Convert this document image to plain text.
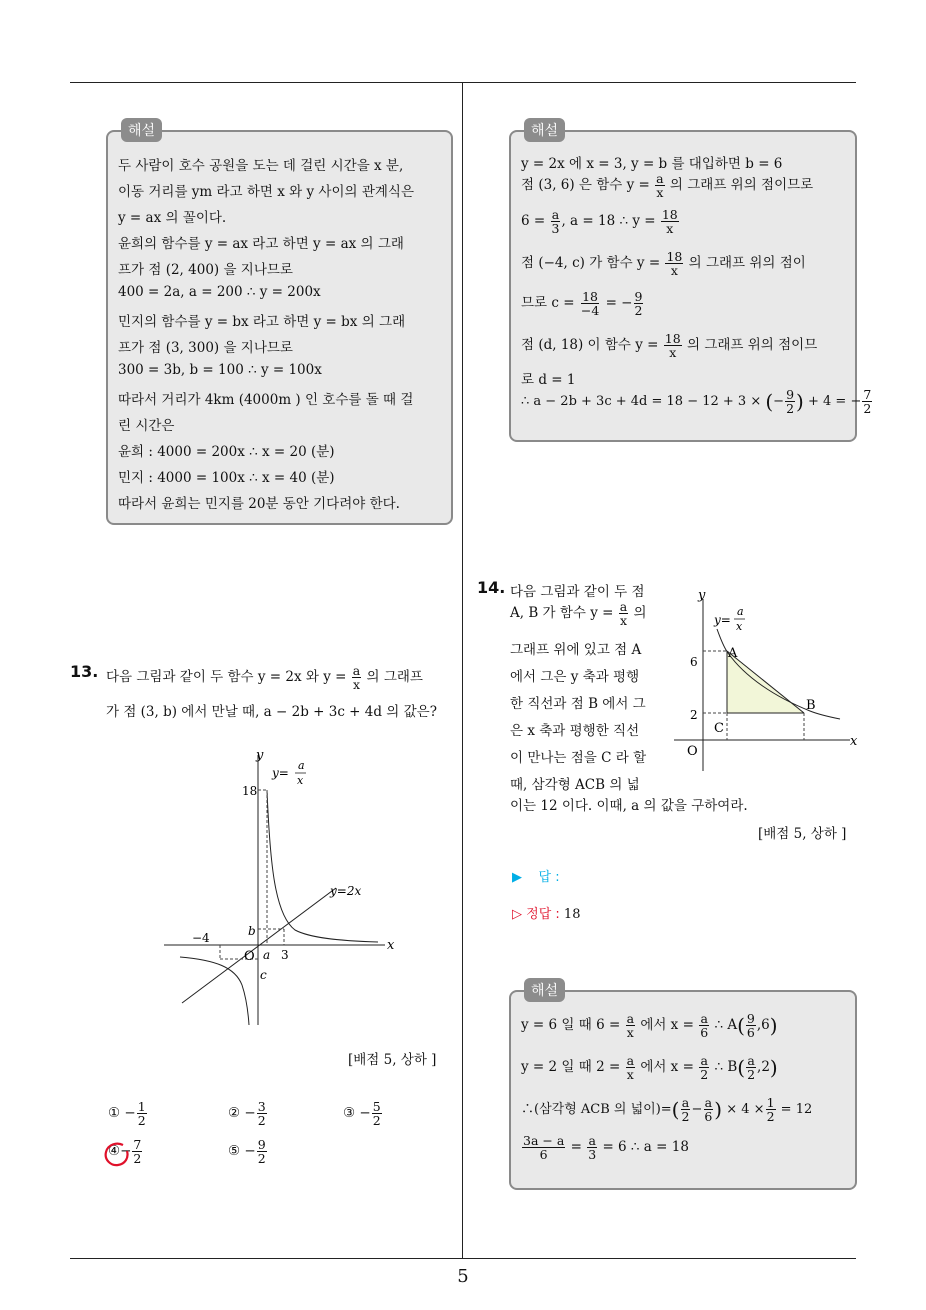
5
두 사람이 호수 공원을 도는 데 걸린 시간을 x 분,
이동 거리를 ym 라고 하면 x 와 y 사이의 관계식은
y = ax 의 꼴이다.
윤희의 함수를 y = ax 라고 하면 y = ax 의 그래
프가 점 (2, 400) 을 지나므로
400 = 2a, a = 200 ∴ y = 200x
민지의 함수를 y = bx 라고 하면 y = bx 의 그래
프가 점 (3, 300) 을 지나므로
300 = 3b, b = 100 ∴ y = 100x
따라서 거리가 4km (4000m ) 인 호수를 돌 때 걸
린 시간은
윤희 : 4000 = 200x ∴ x = 20 (분)
민지 : 4000 = 100x ∴ x = 40 (분)
따라서 윤희는 민지를 20분 동안 기다려야 한다.
해설
13. 다음 그림과 같이 두 함수 y = 2x 와 $y = \frac{a}{x}$ 의 그래프
가 점 (3, b) 에서 만날 때, a − 2b + 3c + 4d 의 값은?
y
x
O
y=
a
x
y=2x
18
b
−4
a 3
c
[배점 5, 상하 ]
① − $\frac{1}{2}$	② − $\frac{3}{2}$	③ − $\frac{5}{2}$
④− $\frac{7}{2}$	⑤ − $\frac{9}{2}$
y = 2x 에 x = 3, y = b 를 대입하면 b = 6
점 (3, 6) 은 함수 $y = \frac{a}{x}$ 의 그래프 위의 점이므로
$6 = \frac{a}{3}$ , a = 18 ∴ $y = \frac{18}{x}$
점 (−4, c) 가 함수 $y = \frac{18}{x}$ 의 그래프 위의 점이
므로 $c = \frac{18}{-4}$ = − $\frac{9}{2}$
점 (d, 18) 이 함수 $y = \frac{18}{x}$ 의 그래프 위의 점이므
로 d = 1
∴ a − 2b + 3c + 4d = 18 − 12 + 3 × (− $\frac{9}{2}$ ) + 4 = − $\frac{7}{2}$
해설
14. 다음 그림과 같이 두 점
A, B 가 함수 $y = \frac{a}{x}$ 의
그래프 위에 있고 점 A
에서 그은 y 축과 평행
한 직선과 점 B 에서 그
은 x 축과 평행한 직선
이 만나는 점을 C 라 할
때, 삼각형 ACB 의 넓
이는 12 이다. 이때, a 의 값을 구하여라.
y
x
O
y=
a
x
6
2
A
B
C
[배점 5, 상하 ]
▶ 답 :
▷ 정답 : 18
y = 6 일 때 $6 = \frac{a}{x}$ 에서 $x = \frac{a}{6}$ ∴ $A( \frac{9}{6} ,6)$
y = 2 일 때 $2 = \frac{a}{x}$ 에서 $x = \frac{a}{2}$ ∴ $B( \frac{a}{2} ,2)$
∴(삼각형 ACB 의 넓이)=( $\frac{a}{2} - \frac{a}{6}$ ) × $4 \times \frac{1}{2} = 12$
$\frac{3a - a}{6} = \frac{a}{3} = 6$ ∴ a = 18
해설
